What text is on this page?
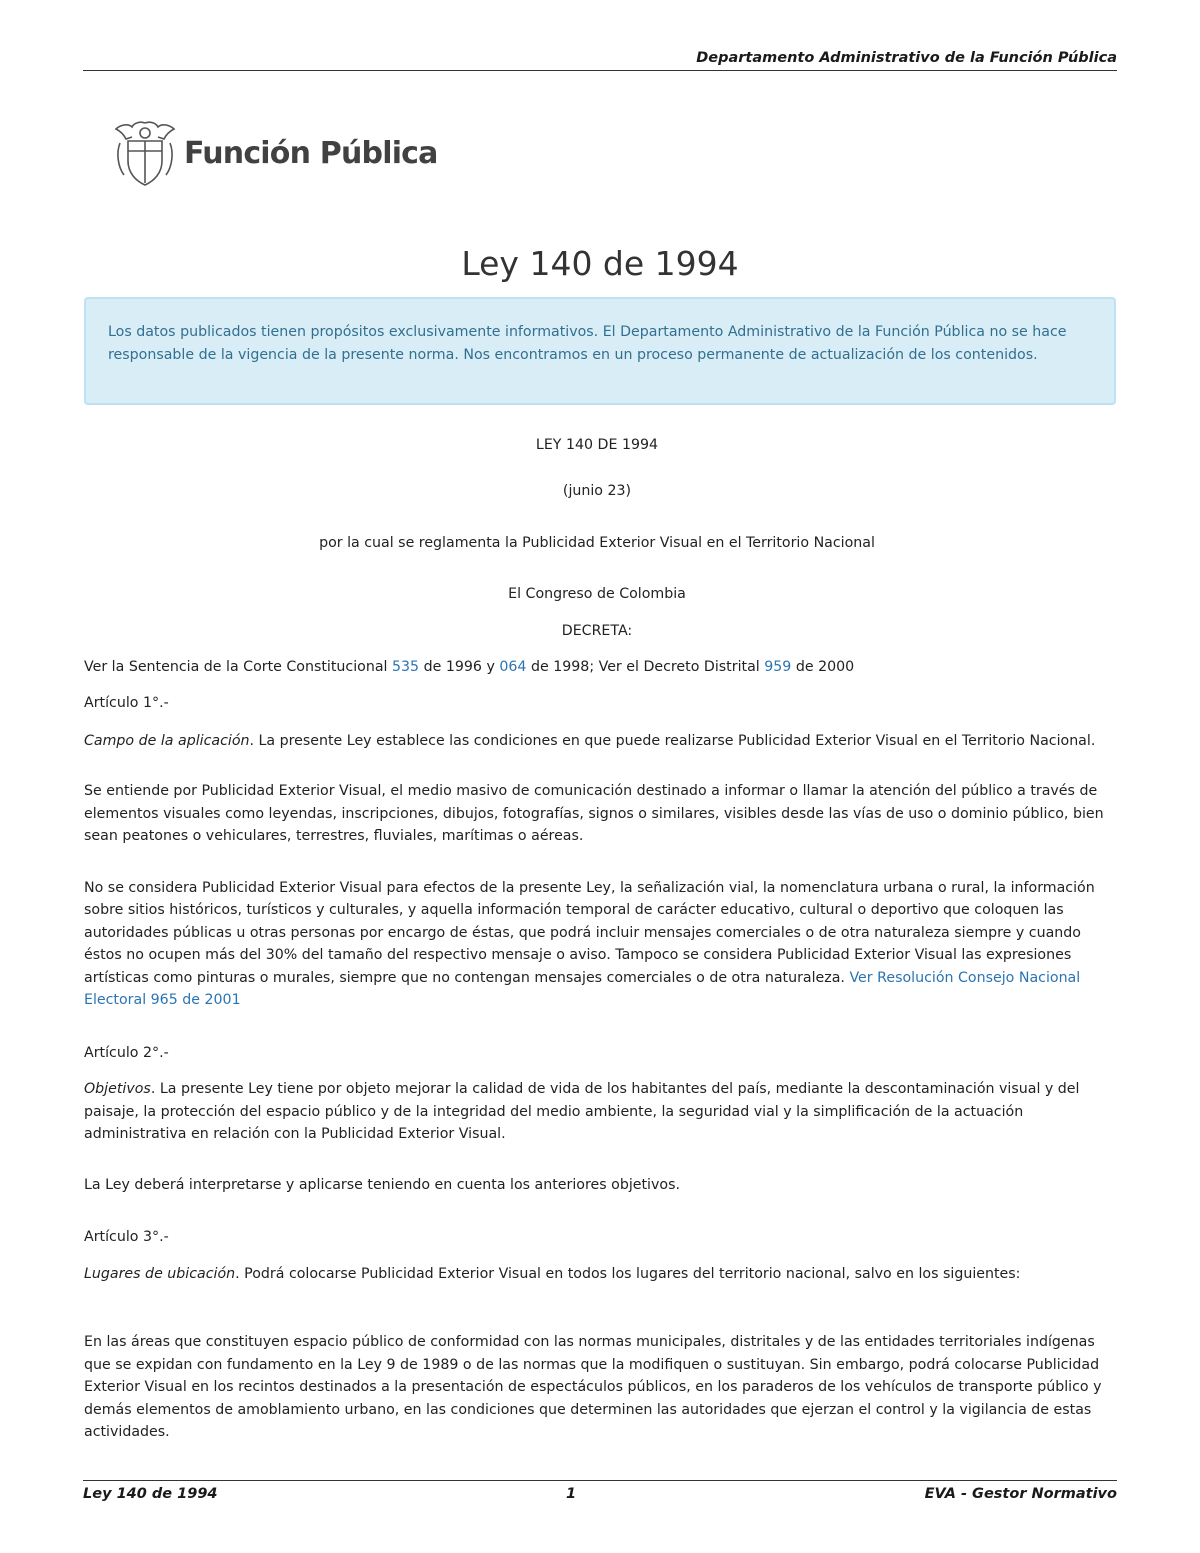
Departamento Administrativo de la Función Pública
Función Pública
Ley 140 de 1994
Los datos publicados tienen propósitos exclusivamente informativos. El Departamento Administrativo de la Función Pública no se hace responsable de la vigencia de la presente norma. Nos encontramos en un proceso permanente de actualización de los contenidos.

LEY 140 DE 1994

(junio 23)

por la cual se reglamenta la Publicidad Exterior Visual en el Territorio Nacional

El Congreso de Colombia

DECRETA:

Ver la Sentencia de la Corte Constitucional 535 de 1996 y 064 de 1998; Ver el Decreto Distrital 959 de 2000

Artículo 1°.-

Campo de la aplicación. La presente Ley establece las condiciones en que puede realizarse Publicidad Exterior Visual en el Territorio Nacional.

Se entiende por Publicidad Exterior Visual, el medio masivo de comunicación destinado a informar o llamar la atención del público a través de elementos visuales como leyendas, inscripciones, dibujos, fotografías, signos o similares, visibles desde las vías de uso o dominio público, bien sean peatones o vehiculares, terrestres, fluviales, marítimas o aéreas.

No se considera Publicidad Exterior Visual para efectos de la presente Ley, la señalización vial, la nomenclatura urbana o rural, la información sobre sitios históricos, turísticos y culturales, y aquella información temporal de carácter educativo, cultural o deportivo que coloquen las autoridades públicas u otras personas por encargo de éstas, que podrá incluir mensajes comerciales o de otra naturaleza siempre y cuando éstos no ocupen más del 30% del tamaño del respectivo mensaje o aviso. Tampoco se considera Publicidad Exterior Visual las expresiones artísticas como pinturas o murales, siempre que no contengan mensajes comerciales o de otra naturaleza. Ver Resolución Consejo Nacional Electoral 965 de 2001

Artículo 2°.-

Objetivos. La presente Ley tiene por objeto mejorar la calidad de vida de los habitantes del país, mediante la descontaminación visual y del paisaje, la protección del espacio público y de la integridad del medio ambiente, la seguridad vial y la simplificación de la actuación administrativa en relación con la Publicidad Exterior Visual.

La Ley deberá interpretarse y aplicarse teniendo en cuenta los anteriores objetivos.

Artículo 3°.-

Lugares de ubicación. Podrá colocarse Publicidad Exterior Visual en todos los lugares del territorio nacional, salvo en los siguientes:

En las áreas que constituyen espacio público de conformidad con las normas municipales, distritales y de las entidades territoriales indígenas que se expidan con fundamento en la Ley 9 de 1989 o de las normas que la modifiquen o sustituyan. Sin embargo, podrá colocarse Publicidad Exterior Visual en los recintos destinados a la presentación de espectáculos públicos, en los paraderos de los vehículos de transporte público y demás elementos de amoblamiento urbano, en las condiciones que determinen las autoridades que ejerzan el control y la vigilancia de estas actividades.

Ley 140 de 1994	1	EVA - Gestor Normativo
